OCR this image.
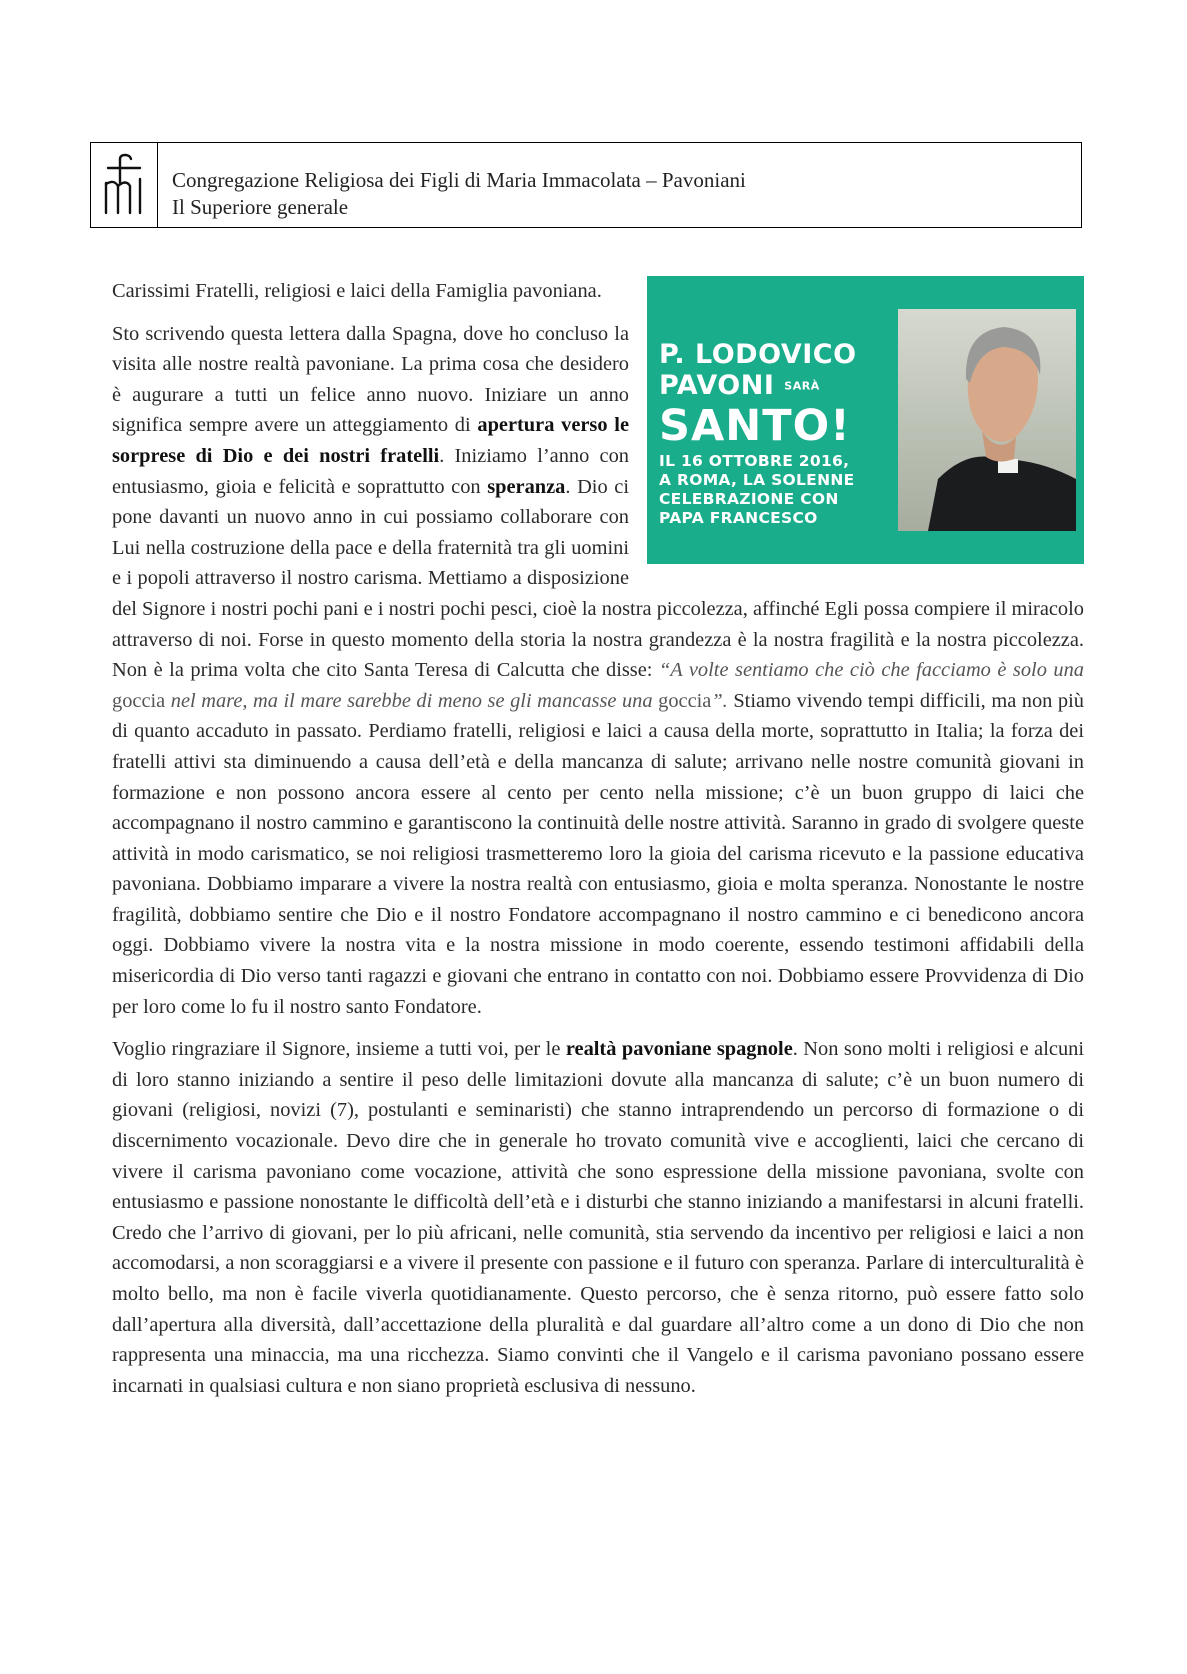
Congregazione Religiosa dei Figli di Maria Immacolata – Pavoniani
Il Superiore generale
P. LODOVICO
PAVONI SARÀ
SANTO!
IL 16 OTTOBRE 2016,
A ROMA, LA SOLENNE
CELEBRAZIONE CON
PAPA FRANCESCO

Carissimi Fratelli, religiosi e laici della Famiglia pavoniana.

Sto scrivendo questa lettera dalla Spagna, dove ho concluso la visita alle nostre realtà pavoniane. La prima cosa che desidero è augurare a tutti un felice anno nuovo. Iniziare un anno significa sempre avere un atteggiamento di apertura verso le sorprese di Dio e dei nostri fratelli. Iniziamo l’anno con entusiasmo, gioia e felicità e soprattutto con speranza. Dio ci pone davanti un nuovo anno in cui possiamo collaborare con Lui nella costruzione della pace e della fraternità tra gli uomini e i popoli attraverso il nostro carisma. Mettiamo a disposizione del Signore i nostri pochi pani e i nostri pochi pesci, cioè la nostra piccolezza, affinché Egli possa compiere il miracolo attraverso di noi. Forse in questo momento della storia la nostra grandezza è la nostra fragilità e la nostra piccolezza. Non è la prima volta che cito Santa Teresa di Calcutta che disse: “A volte sentiamo che ciò che facciamo è solo una goccia nel mare, ma il mare sarebbe di meno se gli mancasse una goccia”. Stiamo vivendo tempi difficili, ma non più di quanto accaduto in passato. Perdiamo fratelli, religiosi e laici a causa della morte, soprattutto in Italia; la forza dei fratelli attivi sta diminuendo a causa dell’età e della mancanza di salute; arrivano nelle nostre comunità giovani in formazione e non possono ancora essere al cento per cento nella missione; c’è un buon gruppo di laici che accompagnano il nostro cammino e garantiscono la continuità delle nostre attività. Saranno in grado di svolgere queste attività in modo carismatico, se noi religiosi trasmetteremo loro la gioia del carisma ricevuto e la passione educativa pavoniana. Dobbiamo imparare a vivere la nostra realtà con entusiasmo, gioia e molta speranza. Nonostante le nostre fragilità, dobbiamo sentire che Dio e il nostro Fondatore accompagnano il nostro cammino e ci benedicono ancora oggi. Dobbiamo vivere la nostra vita e la nostra missione in modo coerente, essendo testimoni affidabili della misericordia di Dio verso tanti ragazzi e giovani che entrano in contatto con noi. Dobbiamo essere Provvidenza di Dio per loro come lo fu il nostro santo Fondatore.

Voglio ringraziare il Signore, insieme a tutti voi, per le realtà pavoniane spagnole. Non sono molti i religiosi e alcuni di loro stanno iniziando a sentire il peso delle limitazioni dovute alla mancanza di salute; c’è un buon numero di giovani (religiosi, novizi (7), postulanti e seminaristi) che stanno intraprendendo un percorso di formazione o di discernimento vocazionale. Devo dire che in generale ho trovato comunità vive e accoglienti, laici che cercano di vivere il carisma pavoniano come vocazione, attività che sono espressione della missione pavoniana, svolte con entusiasmo e passione nonostante le difficoltà dell’età e i disturbi che stanno iniziando a manifestarsi in alcuni fratelli. Credo che l’arrivo di giovani, per lo più africani, nelle comunità, stia servendo da incentivo per religiosi e laici a non accomodarsi, a non scoraggiarsi e a vivere il presente con passione e il futuro con speranza. Parlare di interculturalità è molto bello, ma non è facile viverla quotidianamente. Questo percorso, che è senza ritorno, può essere fatto solo dall’apertura alla diversità, dall’accettazione della pluralità e dal guardare all’altro come a un dono di Dio che non rappresenta una minaccia, ma una ricchezza. Siamo convinti che il Vangelo e il carisma pavoniano possano essere incarnati in qualsiasi cultura e non siano proprietà esclusiva di nessuno.
